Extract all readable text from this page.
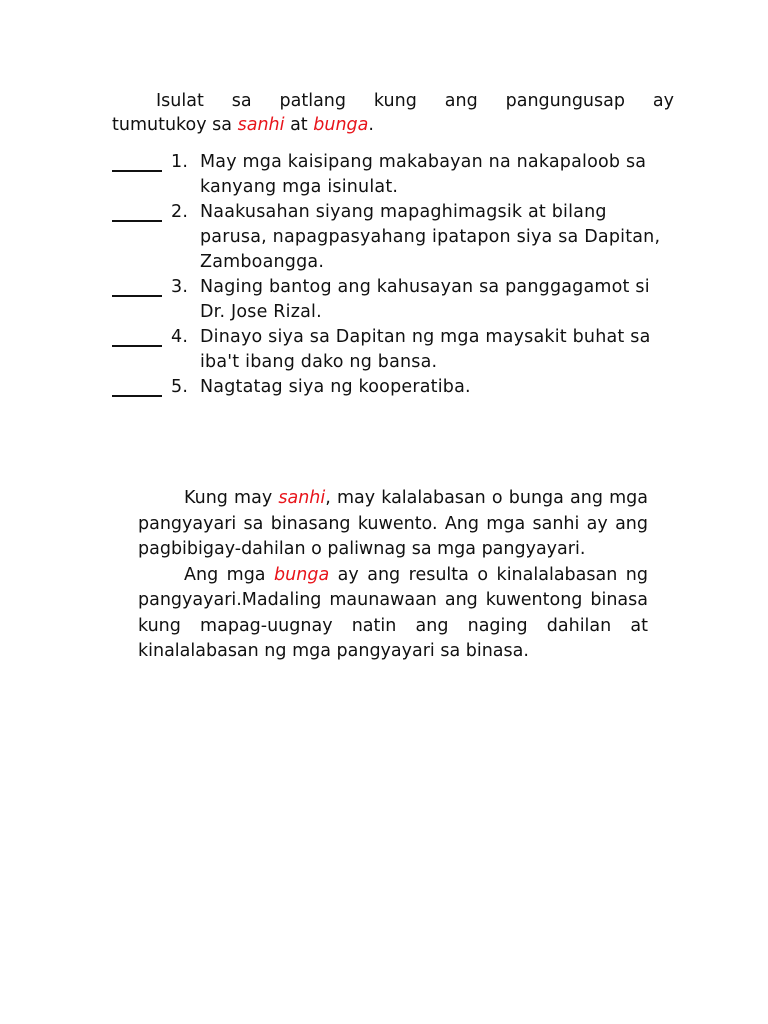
Isulat sa patlang kung ang pangungusap ay
tumutukoy sa sanhi at bunga.
1. May mga kaisipang makabayan na nakapaloob sa kanyang mga isinulat.
2. Naakusahan siyang mapaghimagsik at bilang parusa, napagpasyahang ipatapon siya sa Dapitan, Zamboangga.
3. Naging bantog ang kahusayan sa panggagamot si Dr. Jose Rizal.
4. Dinayo siya sa Dapitan ng mga maysakit buhat sa iba't ibang dako ng bansa.
5. Nagtatag siya ng kooperatiba.

Kung may sanhi, may kalalabasan o bunga ang mga pangyayari sa binasang kuwento. Ang mga sanhi ay ang pagbibigay-dahilan o paliwnag sa mga pangyayari.

Ang mga bunga ay ang resulta o kinalalabasan ng pangyayari.Madaling maunawaan ang kuwentong binasa kung mapag-uugnay natin ang naging dahilan at kinalalabasan ng mga pangyayari sa binasa.
